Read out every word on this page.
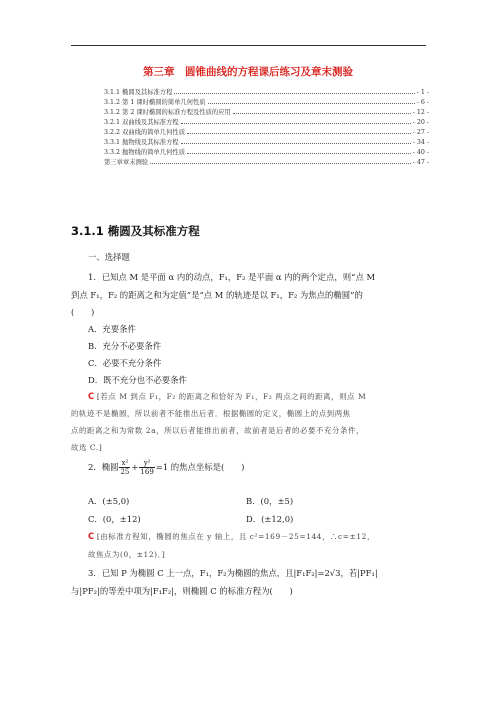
第三章　圆锥曲线的方程课后练习及章末测验
3.1.1 椭圆及其标准方程	- 1 -
3.1.2 第 1 课时椭圆的简单几何性质	- 6 -
3.1.2 第 2 课时椭圆的标准方程及性质的应用	- 12 -
3.2.1 双曲线及其标准方程	- 20 -
3.2.2 双曲线的简单几何性质	- 27 -
3.3.1 抛物线及其标准方程	- 34 -
3.3.2 抛物线的简单几何性质	- 40 -
第三章章末测验	- 47 -
3.1.1 椭圆及其标准方程
一、选择题
1．已知点 M 是平面 α 内的动点，F₁，F₂ 是平面 α 内的两个定点，则“点 M
到点 F₁，F₂ 的距离之和为定值”是“点 M 的轨迹是以 F₁，F₂ 为焦点的椭圆”的
(　　)
A．充要条件
B．充分不必要条件
C．必要不充分条件
D．既不充分也不必要条件
C [若点 M 到点 F₁，F₂ 的距离之和恰好为 F₁，F₂ 两点之间的距离，则点 M
的轨迹不是椭圆，所以前者不能推出后者．根据椭圆的定义，椭圆上的点到两焦
点的距离之和为常数 2a，所以后者能推出前者，故前者是后者的必要不充分条件，
故选 C.]
2．椭圆 $\frac{\text{x²}}{25} + \frac{\text{y²}}{169} =1$ 的焦点坐标是(　　)
A．(±5,0)	B．(0，±5)
C．(0，±12)	D．(±12,0)
C [由标准方程知，椭圆的焦点在 y 轴上，且 c²=169－25=144，∴c=±12，
故焦点为(0，±12)．]
3．已知 P 为椭圆 C 上一点，F₁，F₂为椭圆的焦点，且|F₁F₂|=2√3，若|PF₁|
与|PF₂|的等差中项为|F₁F₂|，则椭圆 C 的标准方程为(　　)
